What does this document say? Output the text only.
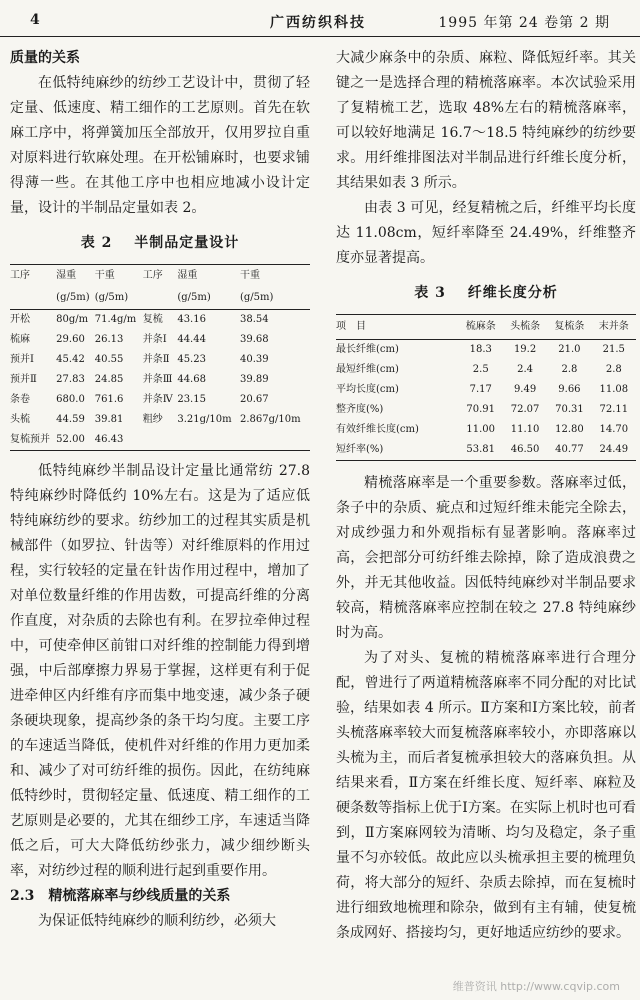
4	广西纺织科技	1995 年第 24 卷第 2 期

质量的关系

在低特纯麻纱的纺纱工艺设计中，贯彻了轻定量、低速度、精工细作的工艺原则。首先在软麻工序中，将弹簧加压全部放开，仅用罗拉自重对原料进行软麻处理。在开松铺麻时，也要求铺得薄一些。在其他工序中也相应地减小设计定量，设计的半制品定量如表 2。

表 2 半制品定量设计
工序	湿重	干重	工序	湿重	干重
	(g/5m)	(g/5m)		(g/5m)	(g/5m)
开松	80g/m	71.4g/m	复梳	43.16	38.54
梳麻	29.60	26.13	并条Ⅰ	44.44	39.68
预并Ⅰ	45.42	40.55	并条Ⅱ	45.23	40.39
预并Ⅱ	27.83	24.85	并条Ⅲ	44.68	39.89
条卷	680.0	761.6	并条Ⅳ	23.15	20.67
头梳	44.59	39.81	粗纱	3.21g/10m	2.867g/10m
复梳预并	52.00	46.43			

低特纯麻纱半制品设计定量比通常纺 27.8 特纯麻纱时降低约 10%左右。这是为了适应低特纯麻纺纱的要求。纺纱加工的过程其实质是机械部件（如罗拉、针齿等）对纤维原料的作用过程，实行较轻的定量在针齿作用过程中，增加了对单位数量纤维的作用齿数，可提高纤维的分离作直度，对杂质的去除也有利。在罗拉牵伸过程中，可使牵伸区前钳口对纤维的控制能力得到增强，中后部摩擦力界易于掌握，这样更有利于促进牵伸区内纤维有序而集中地变速，减少条子硬条硬块现象，提高纱条的条干均匀度。主要工序的车速适当降低，使机件对纤维的作用力更加柔和、减少了对可纺纤维的损伤。因此，在纺纯麻低特纱时，贯彻轻定量、低速度、精工细作的工艺原则是必要的，尤其在细纱工序，车速适当降低之后，可大大降低纺纱张力，减少细纱断头率，对纺纱过程的顺利进行起到重要作用。

2.3　精梳落麻率与纱线质量的关系

为保证低特纯麻纱的顺利纺纱，必须大

大减少麻条中的杂质、麻粒、降低短纤率。其关键之一是选择合理的精梳落麻率。本次试验采用了复精梳工艺，选取 48%左右的精梳落麻率，可以较好地满足 16.7～18.5 特纯麻纱的纺纱要求。用纤维排图法对半制品进行纤维长度分析，其结果如表 3 所示。

由表 3 可见，经复精梳之后，纤维平均长度达 11.08cm，短纤率降至 24.49%，纤维整齐度亦显著提高。

表 3 纤维长度分析
项　目	梳麻条	头梳条	复梳条	末并条
最长纤维(cm)	18.3	19.2	21.0	21.5
最短纤维(cm)	2.5	2.4	2.8	2.8
平均长度(cm)	7.17	9.49	9.66	11.08
整齐度(%)	70.91	72.07	70.31	72.11
有效纤维长度(cm)	11.00	11.10	12.80	14.70
短纤率(%)	53.81	46.50	40.77	24.49

精梳落麻率是一个重要参数。落麻率过低，条子中的杂质、疵点和过短纤维未能完全除去，对成纱强力和外观指标有显著影响。落麻率过高，会把部分可纺纤维去除掉，除了造成浪费之外，并无其他收益。因低特纯麻纱对半制品要求较高，精梳落麻率应控制在较之 27.8 特纯麻纱时为高。

为了对头、复梳的精梳落麻率进行合理分配，曾进行了两道精梳落麻率不同分配的对比试验，结果如表 4 所示。Ⅱ方案和Ⅰ方案比较，前者头梳落麻率较大而复梳落麻率较小，亦即落麻以头梳为主，而后者复梳承担较大的落麻负担。从结果来看，Ⅱ方案在纤维长度、短纤率、麻粒及硬条数等指标上优于Ⅰ方案。在实际上机时也可看到，Ⅱ方案麻网较为清晰、均匀及稳定，条子重量不匀亦较低。故此应以头梳承担主要的梳理负荷，将大部分的短纤、杂质去除掉，而在复梳时进行细致地梳理和除杂，做到有主有辅，使复梳条成网好、搭接均匀，更好地适应纺纱的要求。

维普资讯 http://www.cqvip.com
